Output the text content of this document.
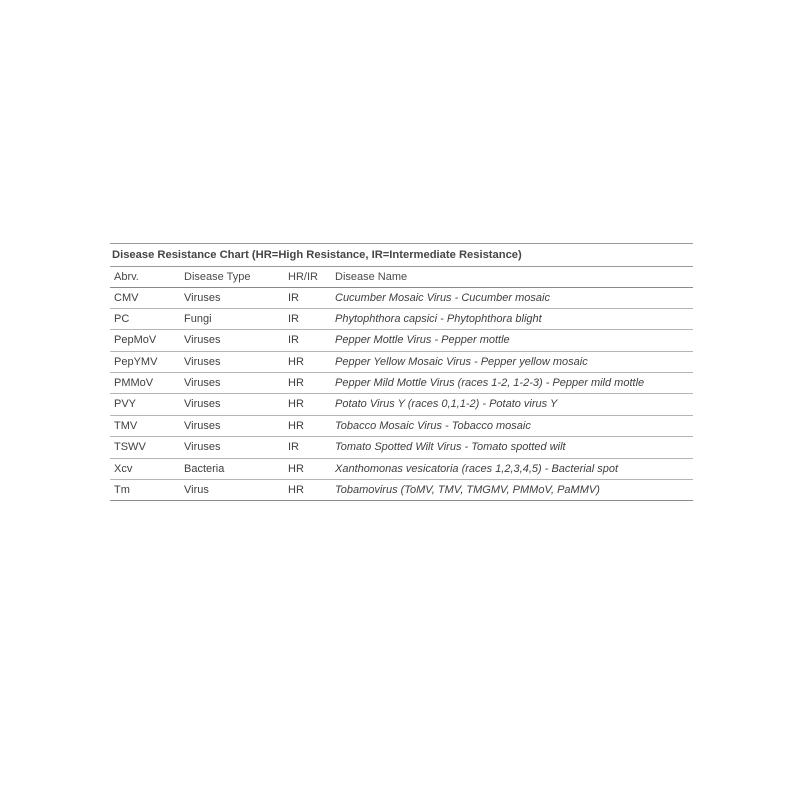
Disease Resistance Chart (HR=High Resistance, IR=Intermediate Resistance)
Abrv.	Disease Type	HR/IR	Disease Name
CMV	Viruses	IR	Cucumber Mosaic Virus - Cucumber mosaic
PC	Fungi	IR	Phytophthora capsici - Phytophthora blight
PepMoV	Viruses	IR	Pepper Mottle Virus - Pepper mottle
PepYMV	Viruses	HR	Pepper Yellow Mosaic Virus - Pepper yellow mosaic
PMMoV	Viruses	HR	Pepper Mild Mottle Virus (races 1-2, 1-2-3) - Pepper mild mottle
PVY	Viruses	HR	Potato Virus Y (races 0,1,1-2) - Potato virus Y
TMV	Viruses	HR	Tobacco Mosaic Virus - Tobacco mosaic
TSWV	Viruses	IR	Tomato Spotted Wilt Virus - Tomato spotted wilt
Xcv	Bacteria	HR	Xanthomonas vesicatoria (races 1,2,3,4,5) - Bacterial spot
Tm	Virus	HR	Tobamovirus (ToMV, TMV, TMGMV, PMMoV, PaMMV)
